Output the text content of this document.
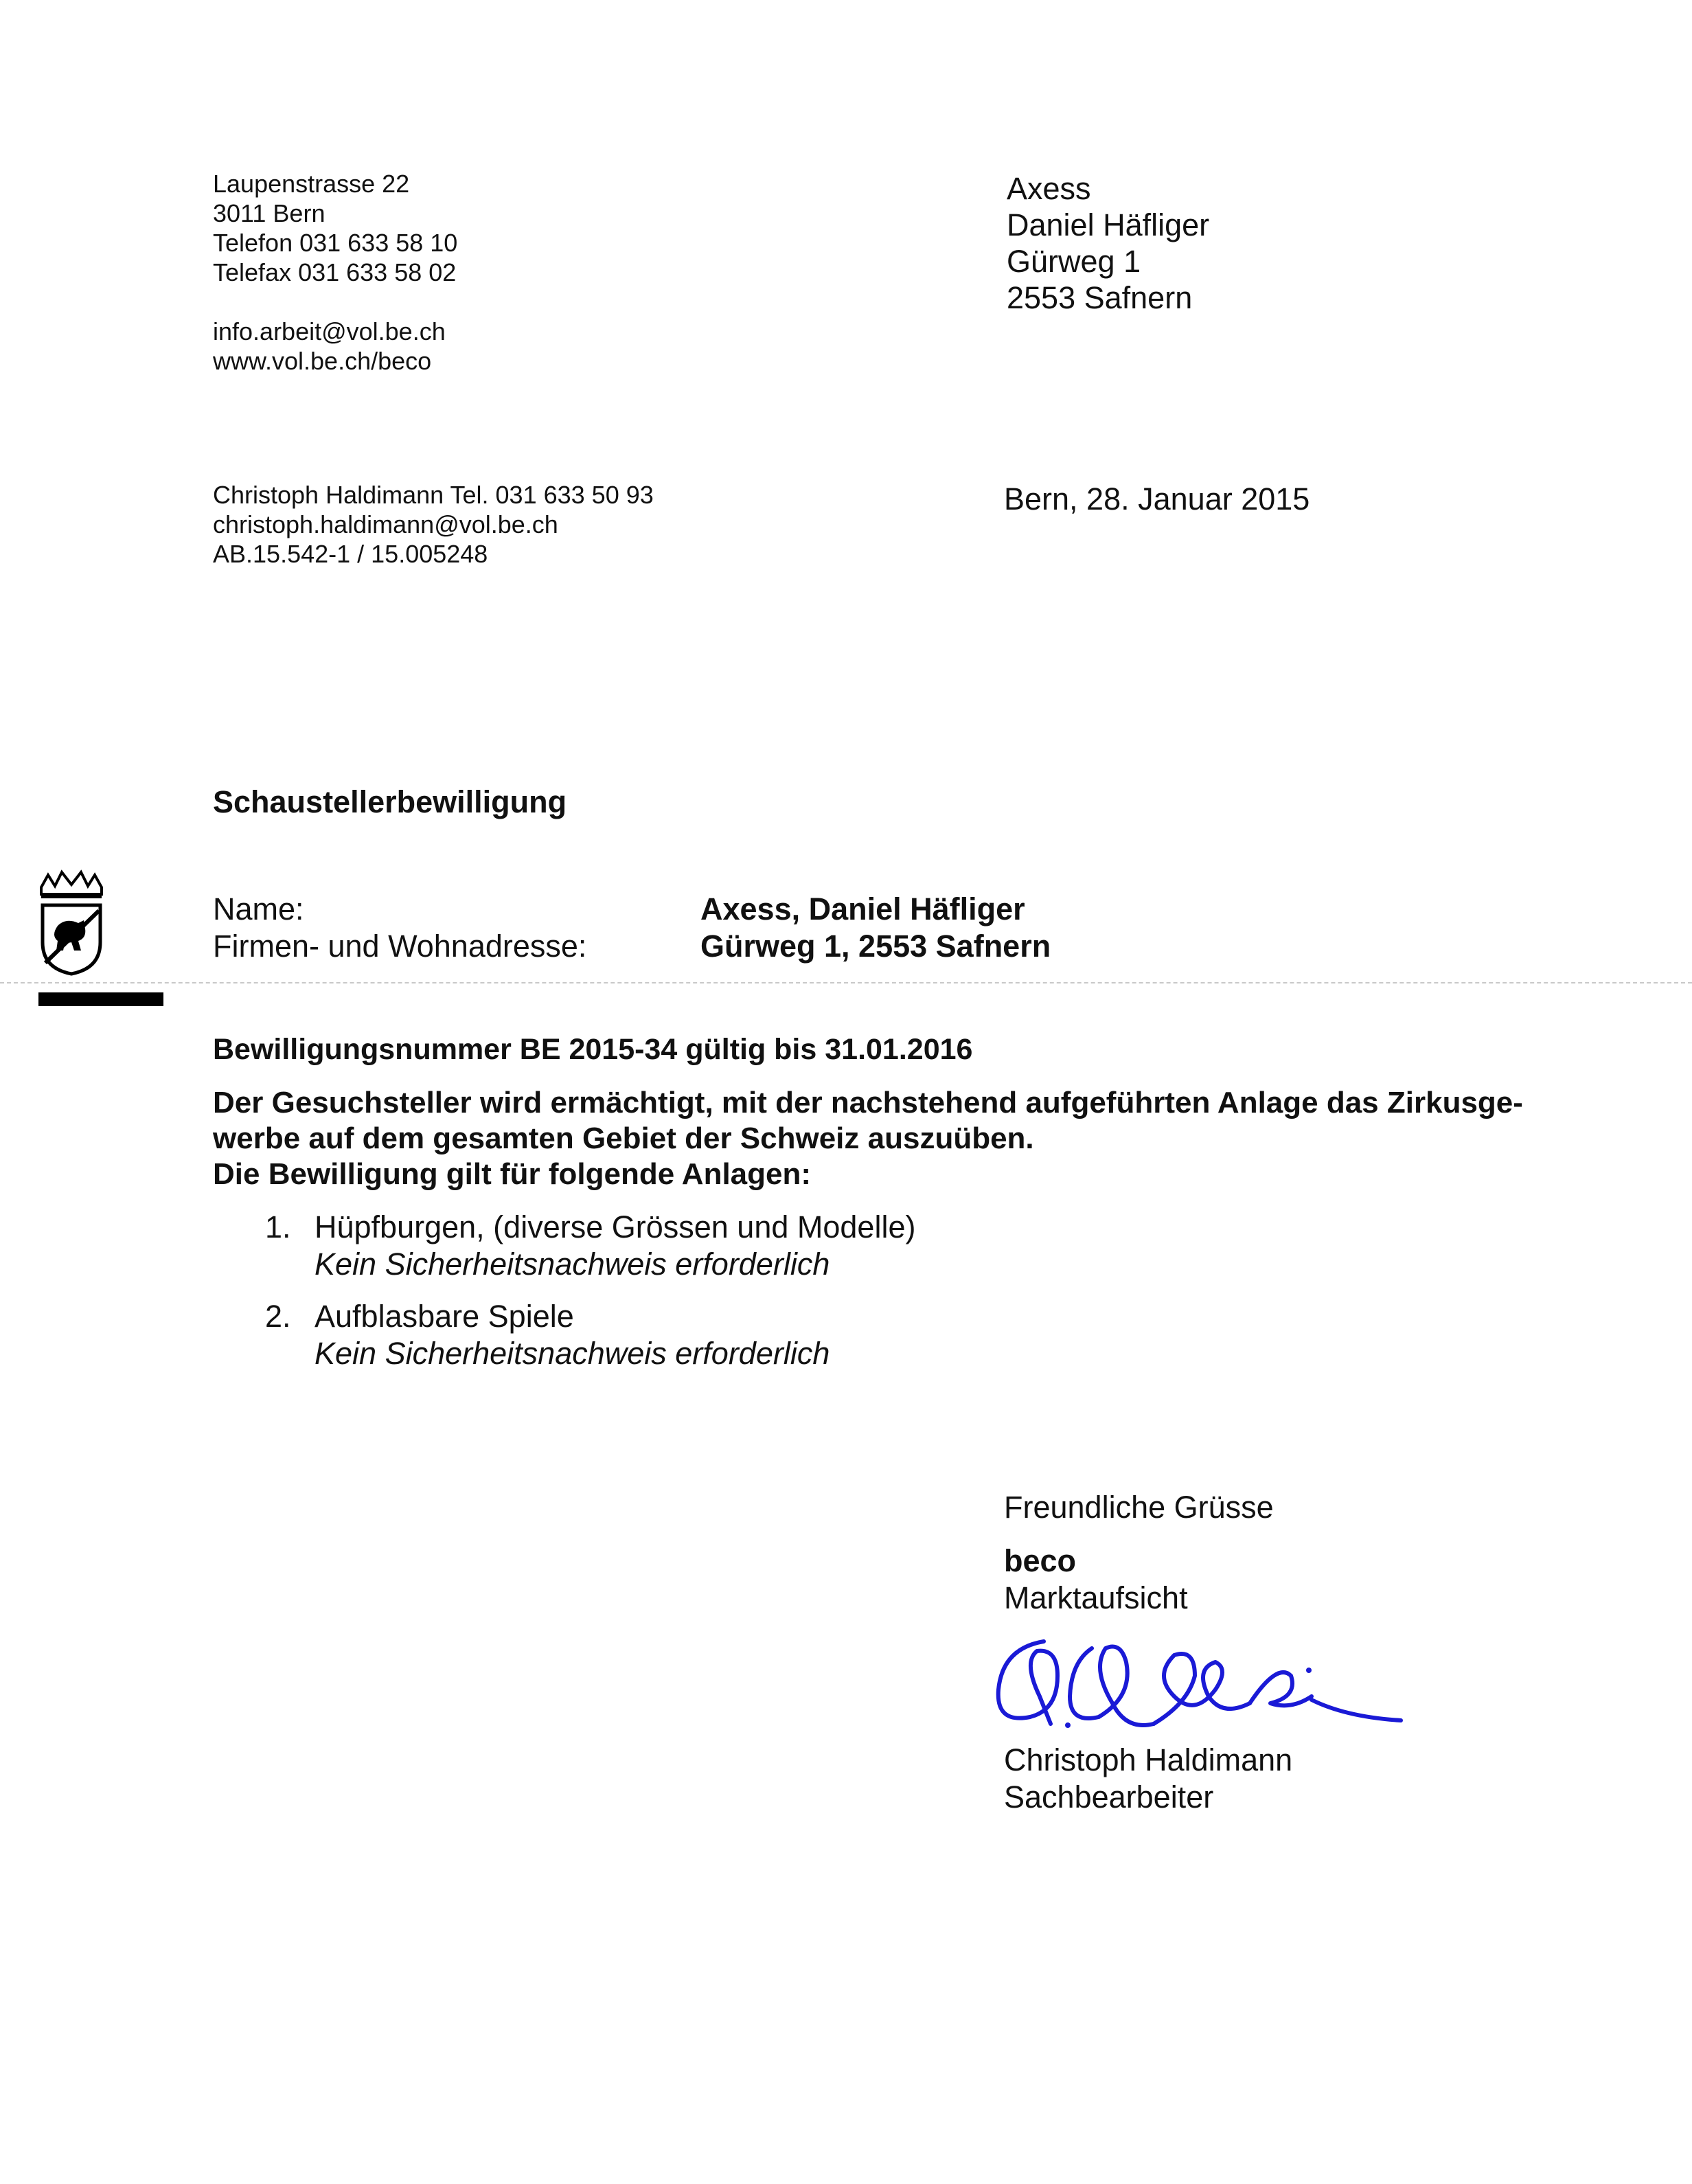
Laupenstrasse 22
3011 Bern
Telefon 031 633 58 10
Telefax 031 633 58 02
info.arbeit@vol.be.ch
www.vol.be.ch/beco
Axess
Daniel Häfliger
Gürweg 1
2553 Safnern
Christoph Haldimann Tel. 031 633 50 93
christoph.haldimann@vol.be.ch
AB.15.542-1 / 15.005248
Bern, 28. Januar 2015
Schaustellerbewilligung
Name:	Axess, Daniel Häfliger
Firmen- und Wohnadresse:	Gürweg 1, 2553 Safnern
Bewilligungsnummer BE 2015-34 gültig bis 31.01.2016
Der Gesuchsteller wird ermächtigt, mit der nachstehend aufgeführten Anlage das Zirkusge-
werbe auf dem gesamten Gebiet der Schweiz auszuüben.
Die Bewilligung gilt für folgende Anlagen:
1. Hüpfburgen, (diverse Grössen und Modelle)
Kein Sicherheitsnachweis erforderlich
2. Aufblasbare Spiele
Kein Sicherheitsnachweis erforderlich
Freundliche Grüsse
beco
Marktaufsicht
Christoph Haldimann
Sachbearbeiter
